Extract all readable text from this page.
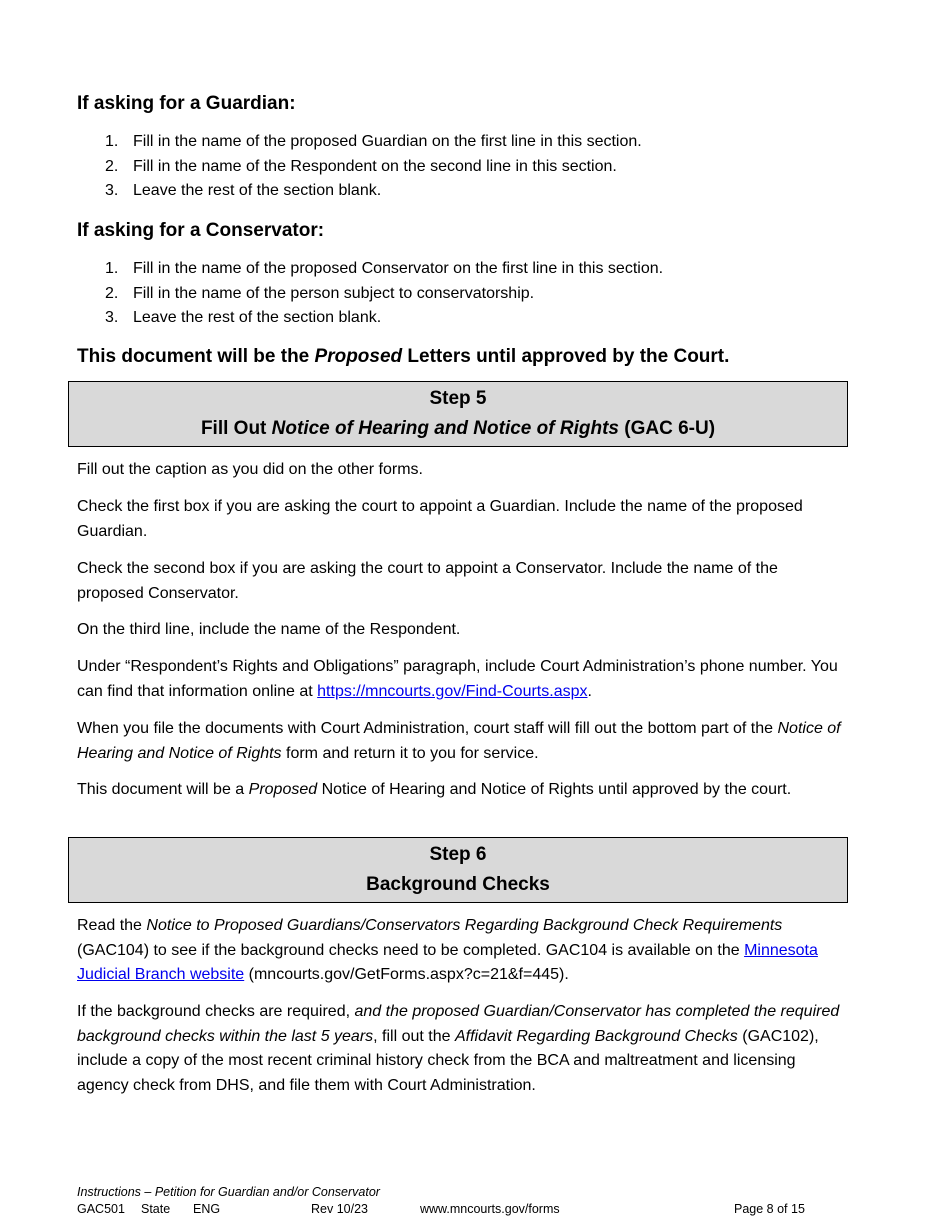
If asking for a Guardian:
1. Fill in the name of the proposed Guardian on the first line in this section.
2. Fill in the name of the Respondent on the second line in this section.
3. Leave the rest of the section blank.
If asking for a Conservator:
1. Fill in the name of the proposed Conservator on the first line in this section.
2. Fill in the name of the person subject to conservatorship.
3. Leave the rest of the section blank.

This document will be the Proposed Letters until approved by the Court.

Step 5
Fill Out Notice of Hearing and Notice of Rights (GAC 6-U)

Fill out the caption as you did on the other forms.

Check the first box if you are asking the court to appoint a Guardian. Include the name of the proposed Guardian.

Check the second box if you are asking the court to appoint a Conservator. Include the name of the proposed Conservator.

On the third line, include the name of the Respondent.

Under “Respondent’s Rights and Obligations” paragraph, include Court Administration’s phone number. You can find that information online at https://mncourts.gov/Find-Courts.aspx.

When you file the documents with Court Administration, court staff will fill out the bottom part of the Notice of Hearing and Notice of Rights form and return it to you for service.

This document will be a Proposed Notice of Hearing and Notice of Rights until approved by the court.

Step 6
Background Checks

Read the Notice to Proposed Guardians/Conservators Regarding Background Check Requirements (GAC104) to see if the background checks need to be completed. GAC104 is available on the Minnesota Judicial Branch website (mncourts.gov/GetForms.aspx?c=21&f=445).

If the background checks are required, and the proposed Guardian/Conservator has completed the required background checks within the last 5 years, fill out the Affidavit Regarding Background Checks (GAC102), include a copy of the most recent criminal history check from the BCA and maltreatment and licensing agency check from DHS, and file them with Court Administration.

Instructions – Petition for Guardian and/or Conservator
GAC501 State ENG	Rev 10/23	www.mncourts.gov/forms	Page 8 of 15
